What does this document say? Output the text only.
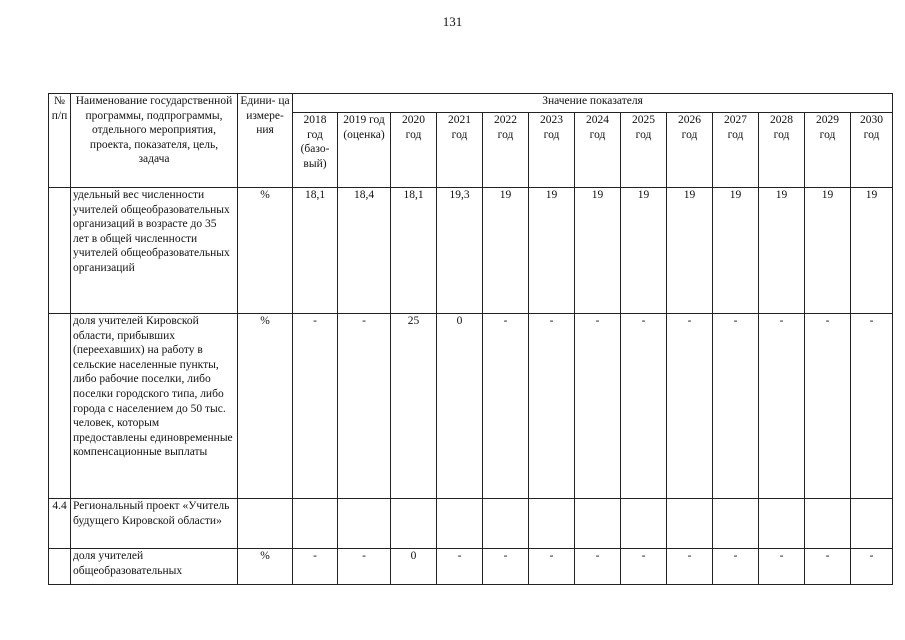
131
№ п/п	Наименование государственной программы, подпрограммы, отдельного мероприятия, проекта, показателя, цель, задача	Едини- ца измере- ния	Значение показателя												
			2018 год (базо- вый)	2019 год (оценка)	2020 год	2021 год	2022 год	2023 год	2024 год	2025 год	2026 год	2027 год	2028 год	2029 год	2030 год
	удельный вес численности учителей общеобразовательных организаций в возрасте до 35 лет в общей численности учителей общеобразовательных организаций	%	18,1	18,4	18,1	19,3	19	19	19	19	19	19	19	19	19
	доля учителей Кировской области, прибывших (переехавших) на работу в сельские населенные пункты, либо рабочие поселки, либо поселки городского типа, либо города с населением до 50 тыс. человек, которым предоставлены единовременные компенсационные выплаты	%	-	-	25	0	-	-	-	-	-	-	-	-	-
4.4	Региональный проект «Учитель будущего Кировской области»														
	доля учителей общеобразовательных	%	-	-	0	-	-	-	-	-	-	-	-	-	-
